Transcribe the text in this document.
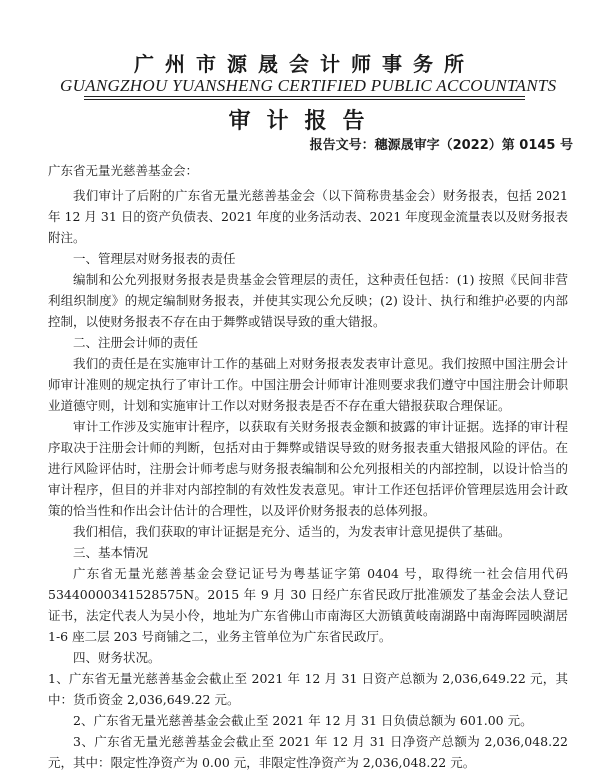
广州市源晟会计师事务所
GUANGZHOU YUANSHENG CERTIFIED PUBLIC ACCOUNTANTS
审计报告
报告文号：穗源晟审字（2022）第 0145 号

广东省无量光慈善基金会：

我们审计了后附的广东省无量光慈善基金会（以下简称贵基金会）财务报表，包括 2021 年 12 月 31 日的资产负债表、2021 年度的业务活动表、2021 年度现金流量表以及财务报表附注。

一、管理层对财务报表的责任

编制和公允列报财务报表是贵基金会管理层的责任，这种责任包括：(1) 按照《民间非营利组织制度》的规定编制财务报表，并使其实现公允反映；(2) 设计、执行和维护必要的内部控制，以使财务报表不存在由于舞弊或错误导致的重大错报。

二、注册会计师的责任

我们的责任是在实施审计工作的基础上对财务报表发表审计意见。我们按照中国注册会计师审计准则的规定执行了审计工作。中国注册会计师审计准则要求我们遵守中国注册会计师职业道德守则，计划和实施审计工作以对财务报表是否不存在重大错报获取合理保证。

审计工作涉及实施审计程序，以获取有关财务报表金额和披露的审计证据。选择的审计程序取决于注册会计师的判断，包括对由于舞弊或错误导致的财务报表重大错报风险的评估。在进行风险评估时，注册会计师考虑与财务报表编制和公允列报相关的内部控制，以设计恰当的审计程序，但目的并非对内部控制的有效性发表意见。审计工作还包括评价管理层选用会计政策的恰当性和作出会计估计的合理性，以及评价财务报表的总体列报。

我们相信，我们获取的审计证据是充分、适当的，为发表审计意见提供了基础。

三、基本情况

广东省无量光慈善基金会登记证号为粤基证字第 0404 号，取得统一社会信用代码53440000341528575N。2015 年 9 月 30 日经广东省民政厅批准颁发了基金会法人登记证书，法定代表人为吴小伶，地址为广东省佛山市南海区大沥镇黄岐南湖路中南海晖园映湖居 1-6 座二层 203 号商铺之二，业务主管单位为广东省民政厅。

四、财务状况。

1、广东省无量光慈善基金会截止至 2021 年 12 月 31 日资产总额为 2,036,649.22 元，其中：货币资金 2,036,649.22 元。

2、广东省无量光慈善基金会截止至 2021 年 12 月 31 日负债总额为 601.00 元。

3、广东省无量光慈善基金会截止至 2021 年 12 月 31 日净资产总额为 2,036,048.22 元，其中：限定性净资产为 0.00 元，非限定性净资产为 2,036,048.22 元。
